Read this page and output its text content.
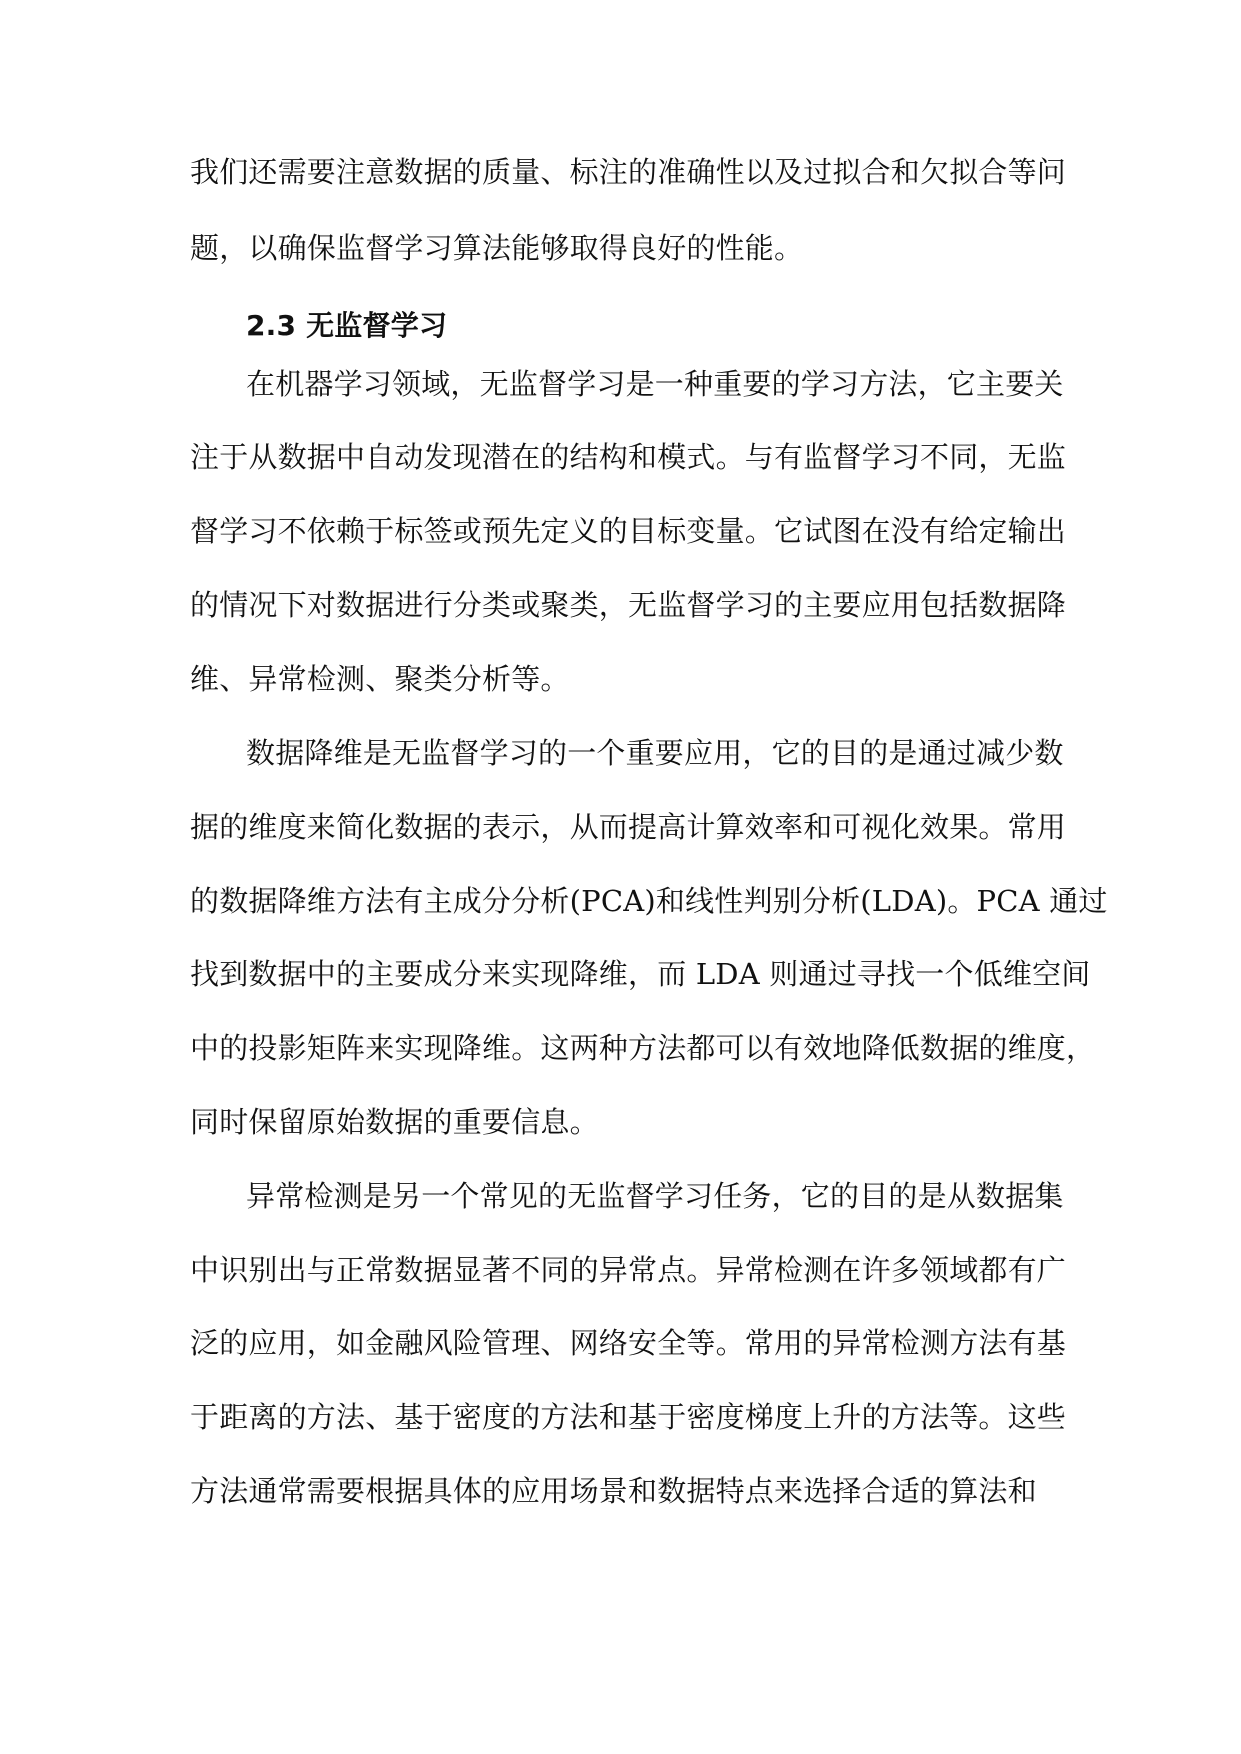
我们还需要注意数据的质量、标注的准确性以及过拟合和欠拟合等问
题，以确保监督学习算法能够取得良好的性能。
2.3 无监督学习
在机器学习领域，无监督学习是一种重要的学习方法，它主要关
注于从数据中自动发现潜在的结构和模式。与有监督学习不同，无监
督学习不依赖于标签或预先定义的目标变量。它试图在没有给定输出
的情况下对数据进行分类或聚类，无监督学习的主要应用包括数据降
维、异常检测、聚类分析等。
数据降维是无监督学习的一个重要应用，它的目的是通过减少数
据的维度来简化数据的表示，从而提高计算效率和可视化效果。常用
的数据降维方法有主成分分析(PCA)和线性判别分析(LDA)。PCA 通过
找到数据中的主要成分来实现降维，而 LDA 则通过寻找一个低维空间
中的投影矩阵来实现降维。这两种方法都可以有效地降低数据的维度，
同时保留原始数据的重要信息。
异常检测是另一个常见的无监督学习任务，它的目的是从数据集
中识别出与正常数据显著不同的异常点。异常检测在许多领域都有广
泛的应用，如金融风险管理、网络安全等。常用的异常检测方法有基
于距离的方法、基于密度的方法和基于密度梯度上升的方法等。这些
方法通常需要根据具体的应用场景和数据特点来选择合适的算法和
